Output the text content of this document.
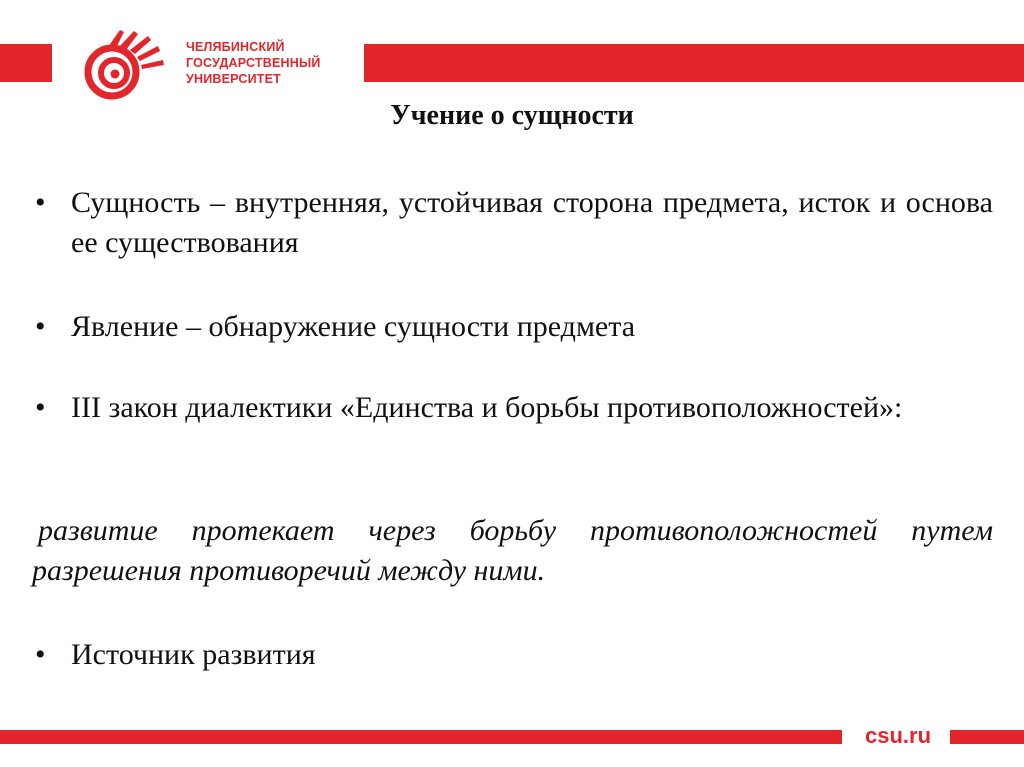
ЧЕЛЯБИНСКИЙ
ГОСУДАРСТВЕННЫЙ
УНИВЕРСИТЕТ
Учение о сущности
• Сущность – внутренняя, устойчивая сторона предмета, исток и основа ее существования
• Явление – обнаружение сущности предмета
• III закон диалектики «Единства и борьбы противоположностей»:
развитие протекает через борьбу противоположностей путем разрешения противоречий между ними.
• Источник развития
csu.ru
